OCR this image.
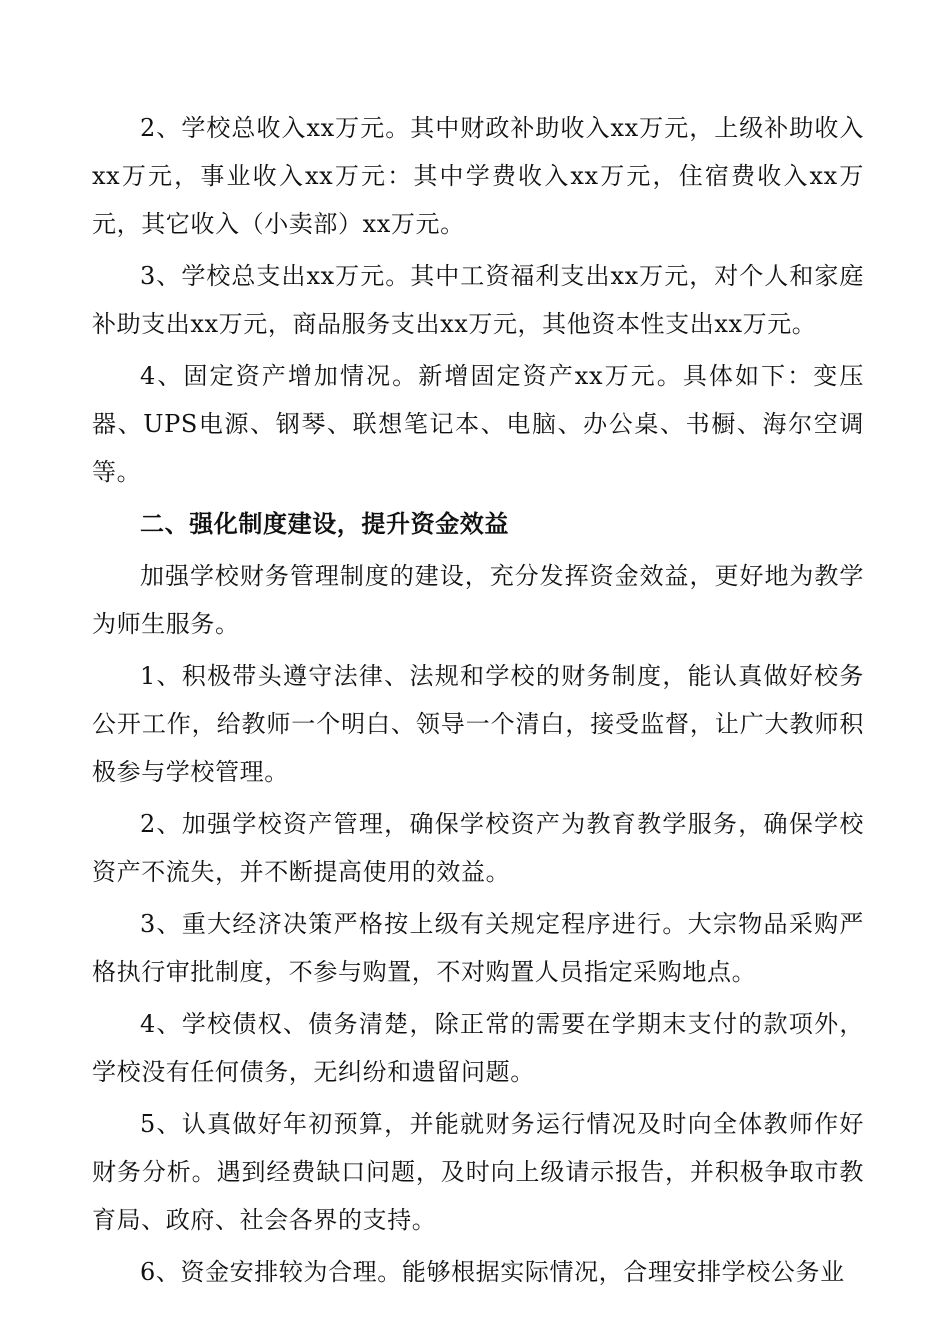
2、学校总收入xx万元。其中财政补助收入xx万元，上级补助收入xx万元，事业收入xx万元：其中学费收入xx万元，住宿费收入xx万元，其它收入（小卖部）xx万元。

3、学校总支出xx万元。其中工资福利支出xx万元，对个人和家庭补助支出xx万元，商品服务支出xx万元，其他资本性支出xx万元。

4、固定资产增加情况。新增固定资产xx万元。具体如下：变压器、UPS电源、钢琴、联想笔记本、电脑、办公桌、书橱、海尔空调等。

二、强化制度建设，提升资金效益

加强学校财务管理制度的建设，充分发挥资金效益，更好地为教学为师生服务。

1、积极带头遵守法律、法规和学校的财务制度，能认真做好校务公开工作，给教师一个明白、领导一个清白，接受监督，让广大教师积极参与学校管理。

2、加强学校资产管理，确保学校资产为教育教学服务，确保学校资产不流失，并不断提高使用的效益。

3、重大经济决策严格按上级有关规定程序进行。大宗物品采购严格执行审批制度，不参与购置，不对购置人员指定采购地点。

4、学校债权、债务清楚，除正常的需要在学期末支付的款项外，学校没有任何债务，无纠纷和遗留问题。

5、认真做好年初预算，并能就财务运行情况及时向全体教师作好财务分析。遇到经费缺口问题，及时向上级请示报告，并积极争取市教育局、政府、社会各界的支持。

6、资金安排较为合理。能够根据实际情况，合理安排学校公务业
